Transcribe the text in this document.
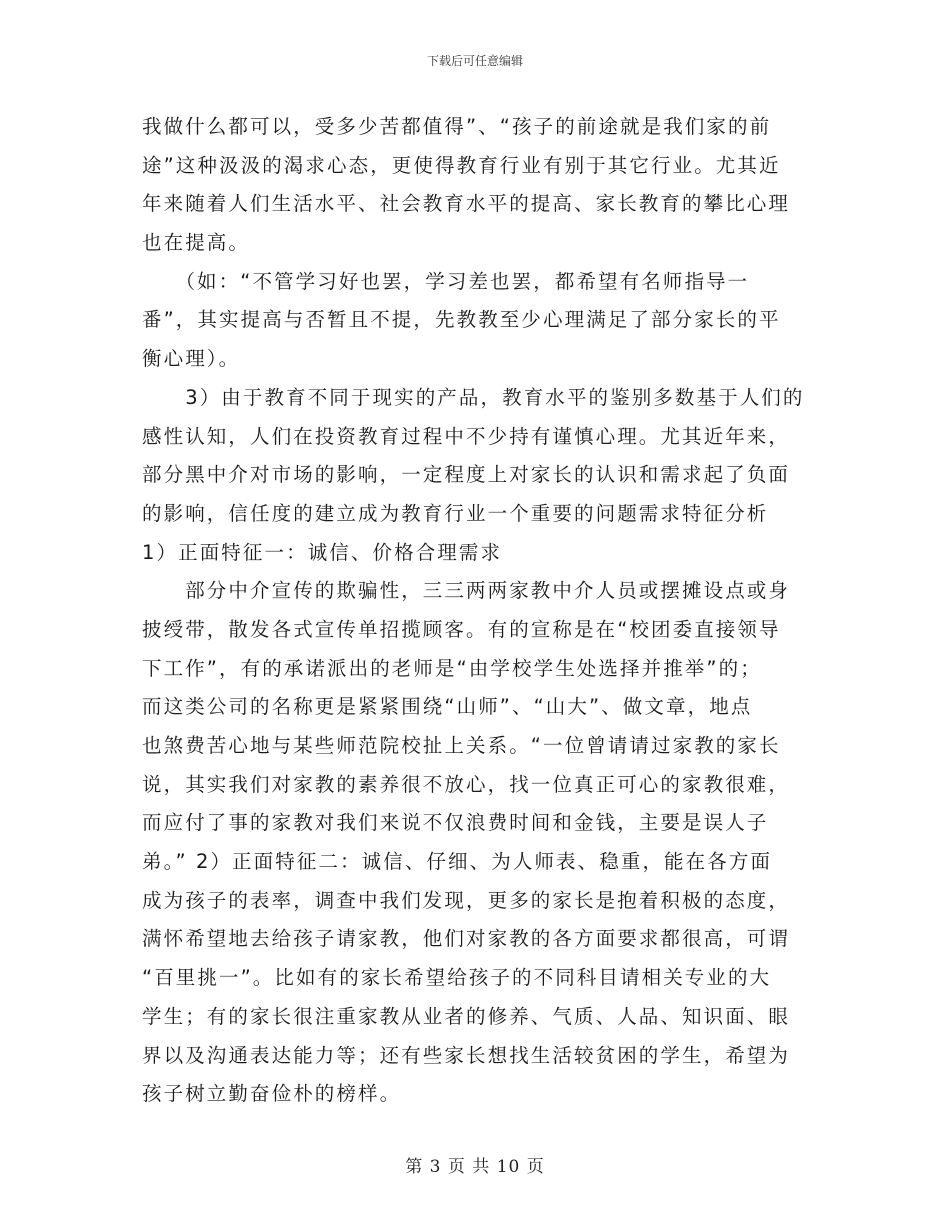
下载后可任意编辑
我做什么都可以，受多少苦都值得”、“孩子的前途就是我们家的前
途”这种汲汲的渴求心态，更使得教育行业有别于其它行业。尤其近
年来随着人们生活水平、社会教育水平的提高、家长教育的攀比心理
也在提高。
　　（如：“不管学习好也罢，学习差也罢，都希望有名师指导一
番”，其实提高与否暂且不提，先教教至少心理满足了部分家长的平
衡心理）。
　　3）由于教育不同于现实的产品，教育水平的鉴别多数基于人们的
感性认知，人们在投资教育过程中不少持有谨慎心理。尤其近年来，
部分黑中介对市场的影响，一定程度上对家长的认识和需求起了负面
的影响，信任度的建立成为教育行业一个重要的问题需求特征分析
1）正面特征一：诚信、价格合理需求
　　部分中介宣传的欺骗性，三三两两家教中介人员或摆摊设点或身
披绶带，散发各式宣传单招揽顾客。有的宣称是在“校团委直接领导
下工作”，有的承诺派出的老师是“由学校学生处选择并推举”的；
而这类公司的名称更是紧紧围绕“山师”、“山大”、做文章，地点
也煞费苦心地与某些师范院校扯上关系。“一位曾请请过家教的家长
说，其实我们对家教的素养很不放心，找一位真正可心的家教很难，
而应付了事的家教对我们来说不仅浪费时间和金钱，主要是误人子
弟。” 2）正面特征二：诚信、仔细、为人师表、稳重，能在各方面
成为孩子的表率，调查中我们发现，更多的家长是抱着积极的态度，
满怀希望地去给孩子请家教，他们对家教的各方面要求都很高，可谓
“百里挑一”。比如有的家长希望给孩子的不同科目请相关专业的大
学生；有的家长很注重家教从业者的修养、气质、人品、知识面、眼
界以及沟通表达能力等；还有些家长想找生活较贫困的学生，希望为
孩子树立勤奋俭朴的榜样。
第 3 页 共 10 页
